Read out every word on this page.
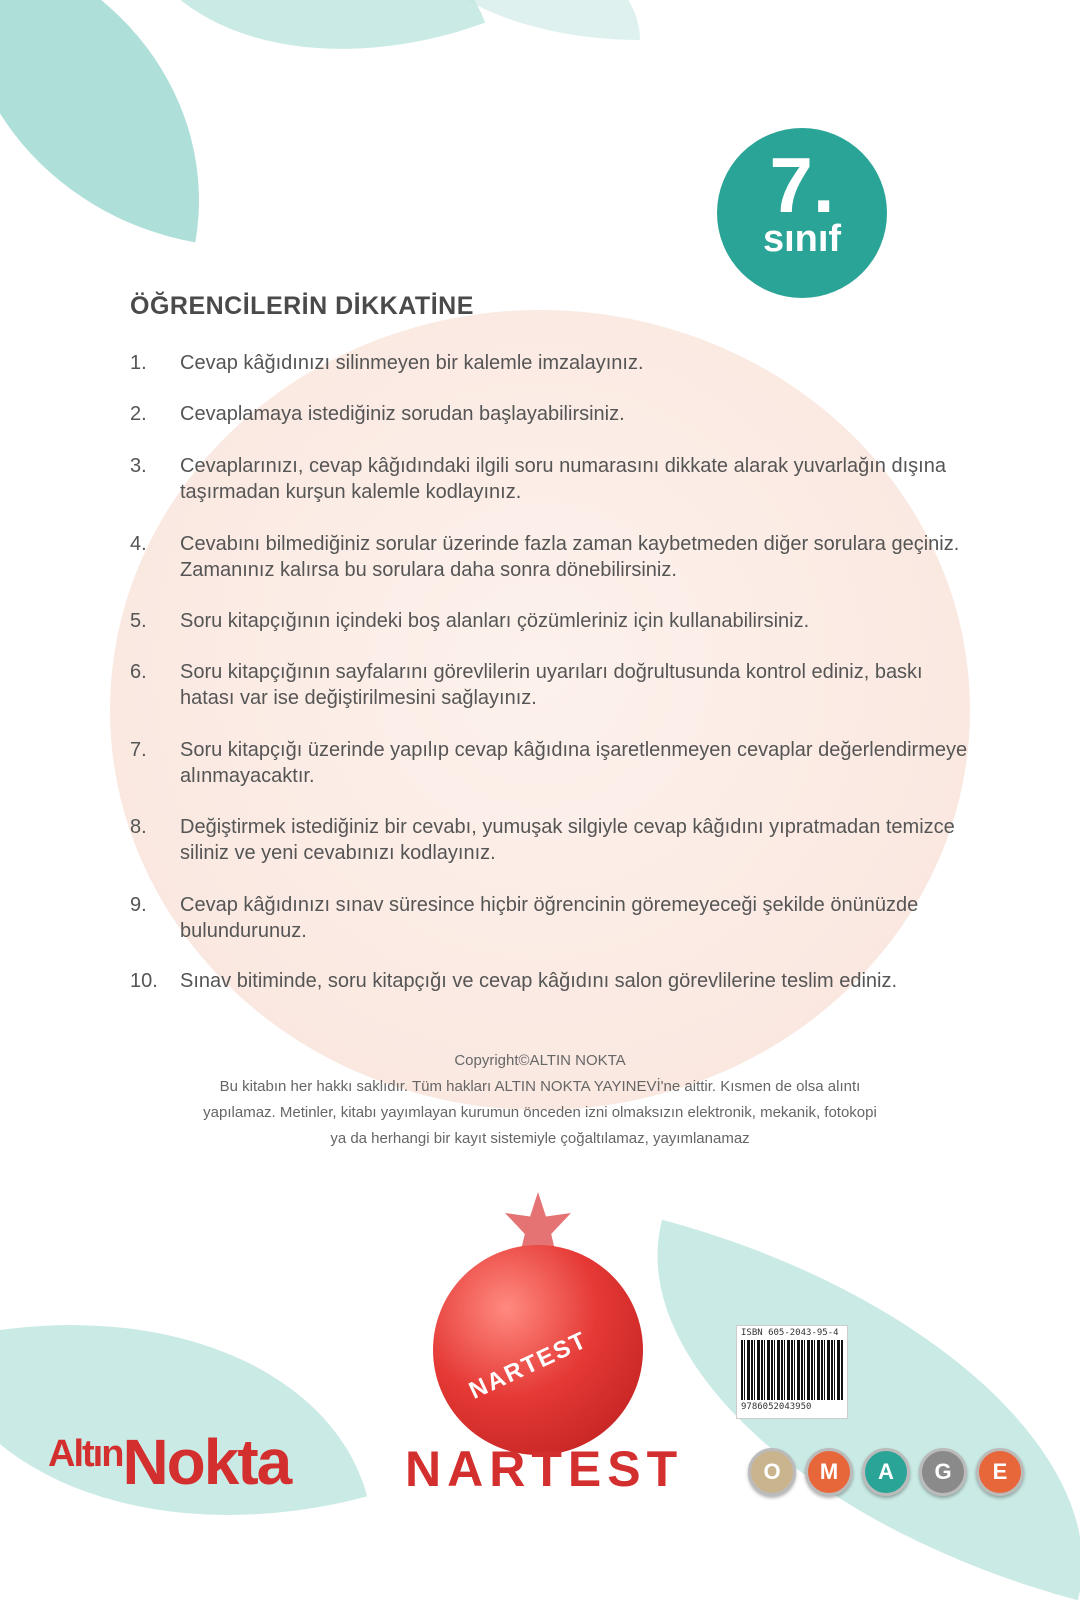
7.
sınıf
ÖĞRENCİLERİN DİKKATİNE
1. Cevap kâğıdınızı silinmeyen bir kalemle imzalayınız.
2. Cevaplamaya istediğiniz sorudan başlayabilirsiniz.
3. Cevaplarınızı, cevap kâğıdındaki ilgili soru numarasını dikkate alarak yuvarlağın dışına taşırmadan kurşun kalemle kodlayınız.
4. Cevabını bilmediğiniz sorular üzerinde fazla zaman kaybetmeden diğer sorulara geçiniz. Zamanınız kalırsa bu sorulara daha sonra dönebilirsiniz.
5. Soru kitapçığının içindeki boş alanları çözümleriniz için kullanabilirsiniz.
6. Soru kitapçığının sayfalarını görevlilerin uyarıları doğrultusunda kontrol ediniz, baskı hatası var ise değiştirilmesini sağlayınız.
7. Soru kitapçığı üzerinde yapılıp cevap kâğıdına işaretlenmeyen cevaplar değerlendirmeye alınmayacaktır.
8. Değiştirmek istediğiniz bir cevabı, yumuşak silgiyle cevap kâğıdını yıpratmadan temizce siliniz ve yeni cevabınızı kodlayınız.
9. Cevap kâğıdınızı sınav süresince hiçbir öğrencinin göremeyeceği şekilde önünüzde bulundurunuz.
10. Sınav bitiminde, soru kitapçığı ve cevap kâğıdını salon görevlilerine teslim ediniz.
Copyright©ALTIN NOKTA
Bu kitabın her hakkı saklıdır. Tüm hakları ALTIN NOKTA YAYINEVİ'ne aittir. Kısmen de olsa alıntı yapılamaz. Metinler, kitabı yayımlayan kurumun önceden izni olmaksızın elektronik, mekanik, fotokopi ya da herhangi bir kayıt sistemiyle çoğaltılamaz, yayımlanamaz
NARTEST
$^{Altın}$Nokta NARTEST
ISBN 605-2043-95-4
9786052043950
O	M	A	G	E
